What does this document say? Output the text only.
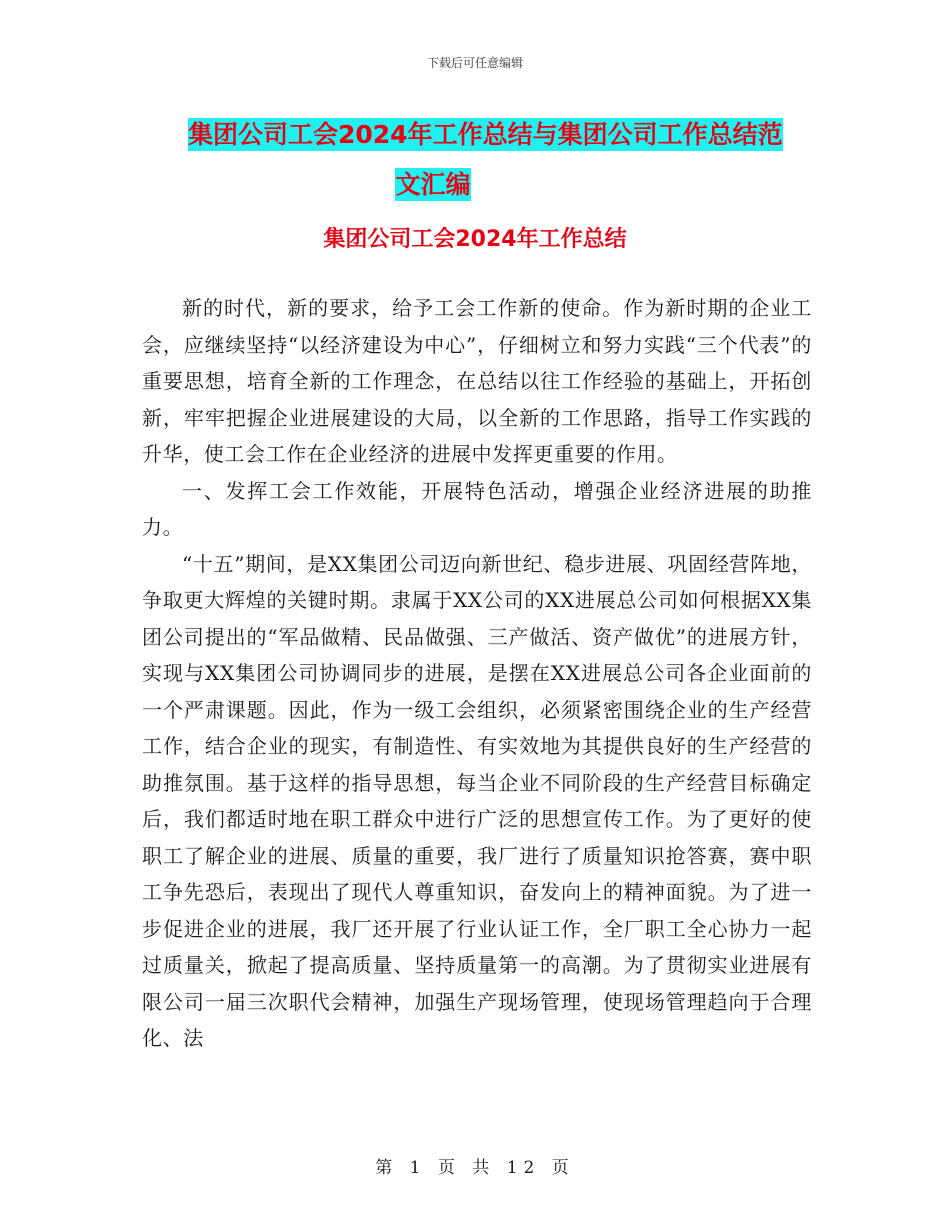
下载后可任意编辑
集团公司工会2024年工作总结与集团公司工作总结范
文汇编
集团公司工会2024年工作总结

新的时代，新的要求，给予工会工作新的使命。作为新时期的企业工会，应继续坚持“以经济建设为中心”，仔细树立和努力实践“三个代表”的重要思想，培育全新的工作理念，在总结以往工作经验的基础上，开拓创新，牢牢把握企业进展建设的大局，以全新的工作思路，指导工作实践的升华，使工会工作在企业经济的进展中发挥更重要的作用。

一、发挥工会工作效能，开展特色活动，增强企业经济进展的助推力。

“十五”期间，是XX集团公司迈向新世纪、稳步进展、巩固经营阵地，争取更大辉煌的关键时期。隶属于XX公司的XX进展总公司如何根据XX集团公司提出的“军品做精、民品做强、三产做活、资产做优”的进展方针，实现与XX集团公司协调同步的进展，是摆在XX进展总公司各企业面前的一个严肃课题。因此，作为一级工会组织，必须紧密围绕企业的生产经营工作，结合企业的现实，有制造性、有实效地为其提供良好的生产经营的助推氛围。基于这样的指导思想，每当企业不同阶段的生产经营目标确定后，我们都适时地在职工群众中进行广泛的思想宣传工作。为了更好的使职工了解企业的进展、质量的重要，我厂进行了质量知识抢答赛，赛中职工争先恐后，表现出了现代人尊重知识，奋发向上的精神面貌。为了进一步促进企业的进展，我厂还开展了行业认证工作，全厂职工全心协力一起过质量关，掀起了提高质量、坚持质量第一的高潮。为了贯彻实业进展有限公司一届三次职代会精神，加强生产现场管理，使现场管理趋向于合理化、法

第 1 页 共 12 页
